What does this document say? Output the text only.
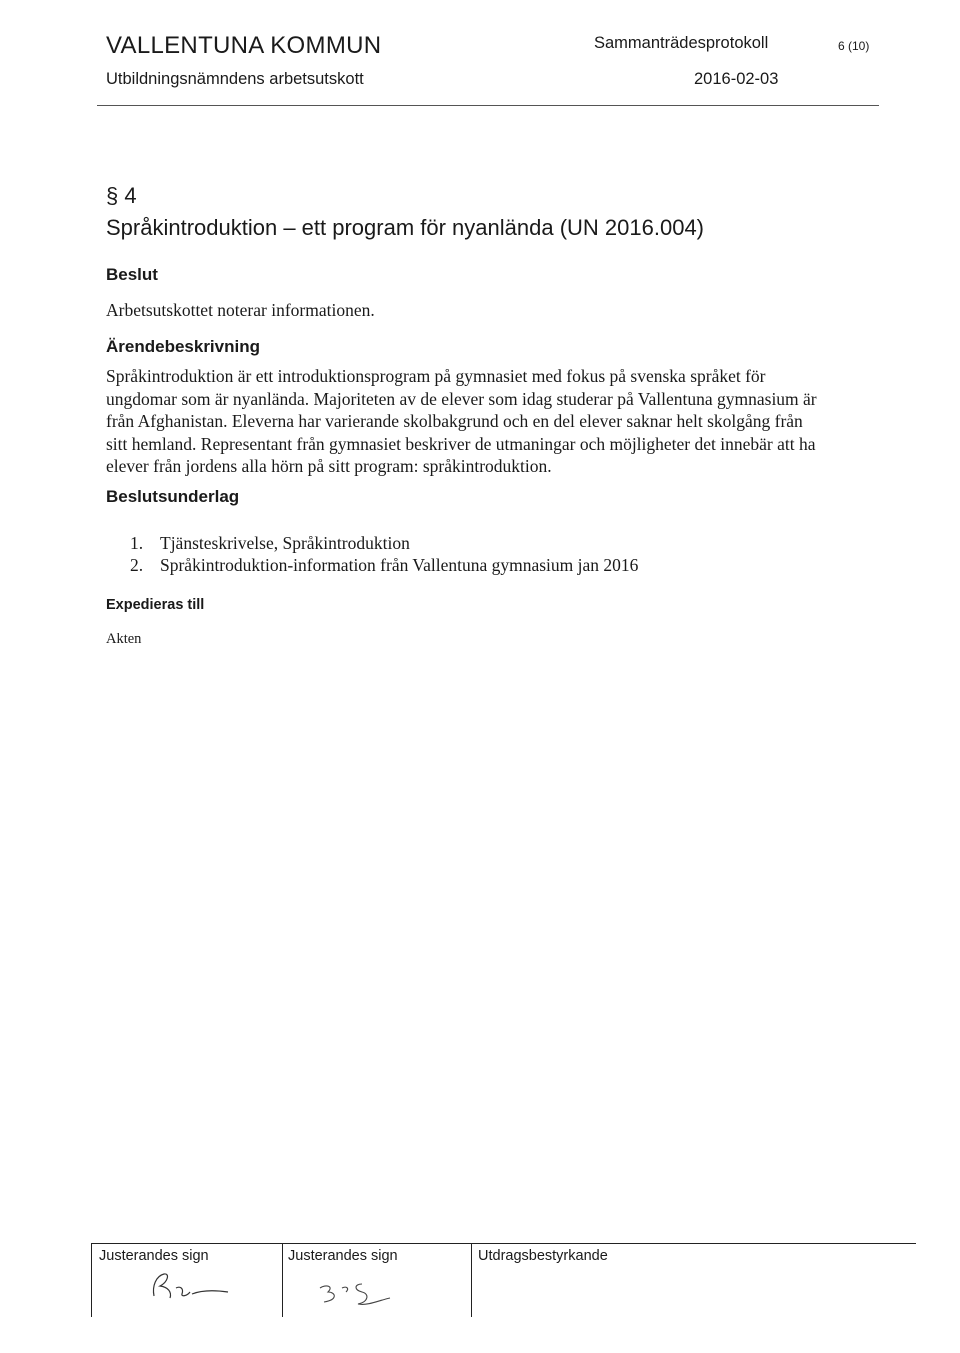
VALLENTUNA KOMMUN
Utbildningsnämndens arbetsutskott
Sammanträdesprotokoll	6 (10)
2016-02-03
§ 4
Språkintroduktion – ett program för nyanlända (UN 2016.004)
Beslut
Arbetsutskottet noterar informationen.
Ärendebeskrivning
Språkintroduktion är ett introduktionsprogram på gymnasiet med fokus på svenska språket för
ungdomar som är nyanlända. Majoriteten av de elever som idag studerar på Vallentuna gymnasium är
från Afghanistan. Eleverna har varierande skolbakgrund och en del elever saknar helt skolgång från
sitt hemland. Representant från gymnasiet beskriver de utmaningar och möjligheter det innebär att ha
elever från jordens alla hörn på sitt program: språkintroduktion.
Beslutsunderlag
1. Tjänsteskrivelse, Språkintroduktion
2. Språkintroduktion-information från Vallentuna gymnasium jan 2016
Expedieras till
Akten
Justerandes sign	Justerandes sign	Utdragsbestyrkande
